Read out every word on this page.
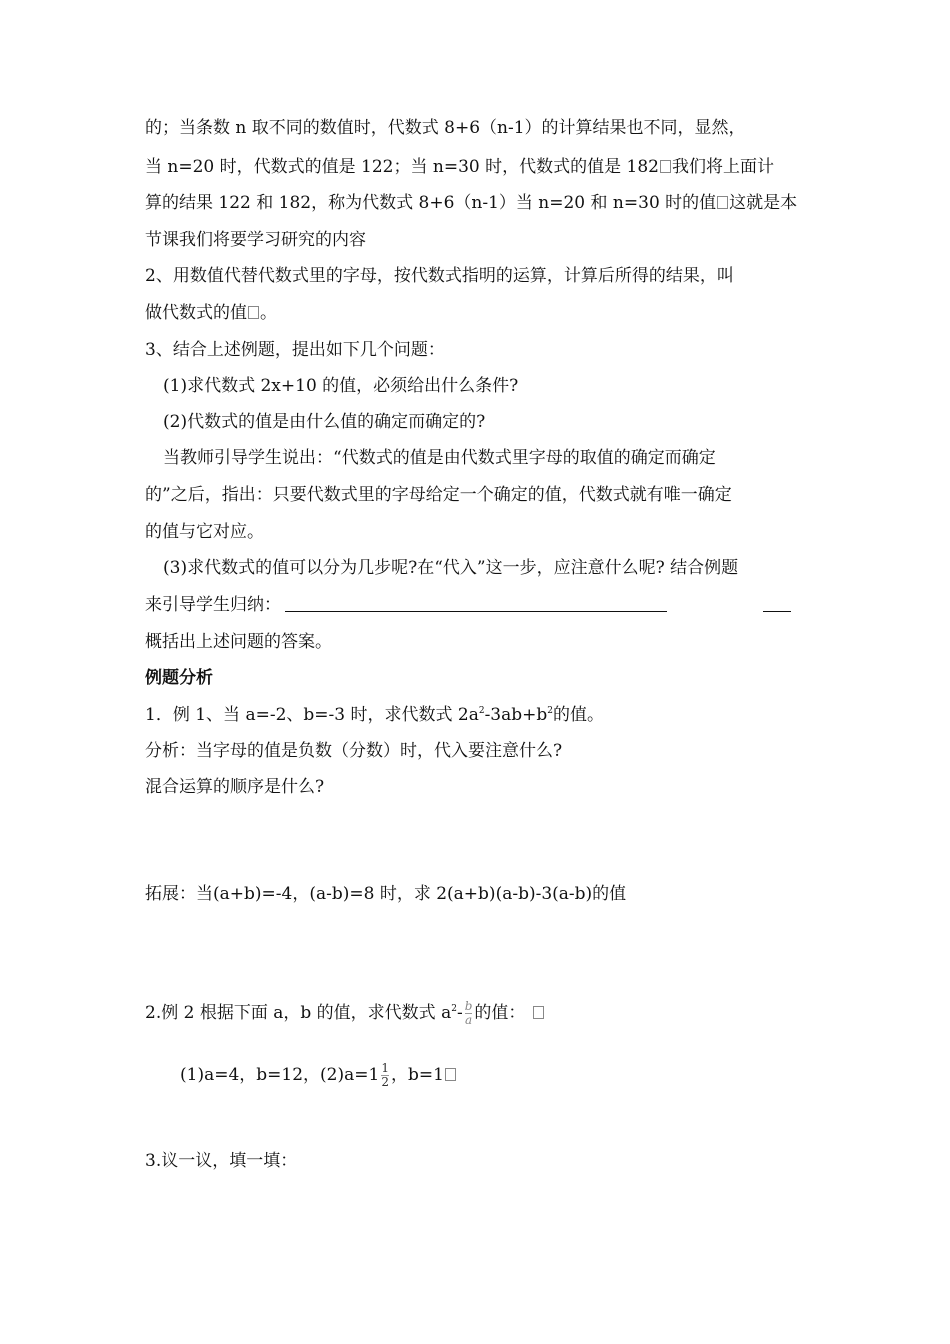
的；当条数 n 取不同的数值时，代数式 8+6（n-1）的计算结果也不同，显然，
当 n=20 时，代数式的值是 122；当 n=30 时，代数式的值是 182 我们将上面计
算的结果 122 和 182，称为代数式 8+6（n-1）当 n=20 和 n=30 时的值 这就是本
节课我们将要学习研究的内容
2、用数值代替代数式里的字母，按代数式指明的运算，计算后所得的结果，叫
做代数式的值 。
3、结合上述例题，提出如下几个问题：
(1)求代数式 2x+10 的值，必须给出什么条件?
(2)代数式的值是由什么值的确定而确定的?
当教师引导学生说出：“代数式的值是由代数式里字母的取值的确定而确定
的”之后，指出：只要代数式里的字母给定一个确定的值，代数式就有唯一确定
的值与它对应。
(3)求代数式的值可以分为几步呢?在“代入”这一步，应注意什么呢? 结合例题
来引导学生归纳：
概括出上述问题的答案。
例题分析
1．例 1、当 a=-2、b=-3 时，求代数式 $2a^2-3ab+b^2$的值。
分析：当字母的值是负数（分数）时，代入要注意什么?
混合运算的顺序是什么?
拓展：当(a+b)=-4，(a-b)=8 时，求 2(a+b)(a-b)-3(a-b)的值
2.例 2 根据下面 a，b 的值，求代数式 $a^2- \frac{b}{a}$ 的值：
(1)a=4，b=12，$(2)a=1 \frac{1}{2}$ ，b=1
3.议一议，填一填：
